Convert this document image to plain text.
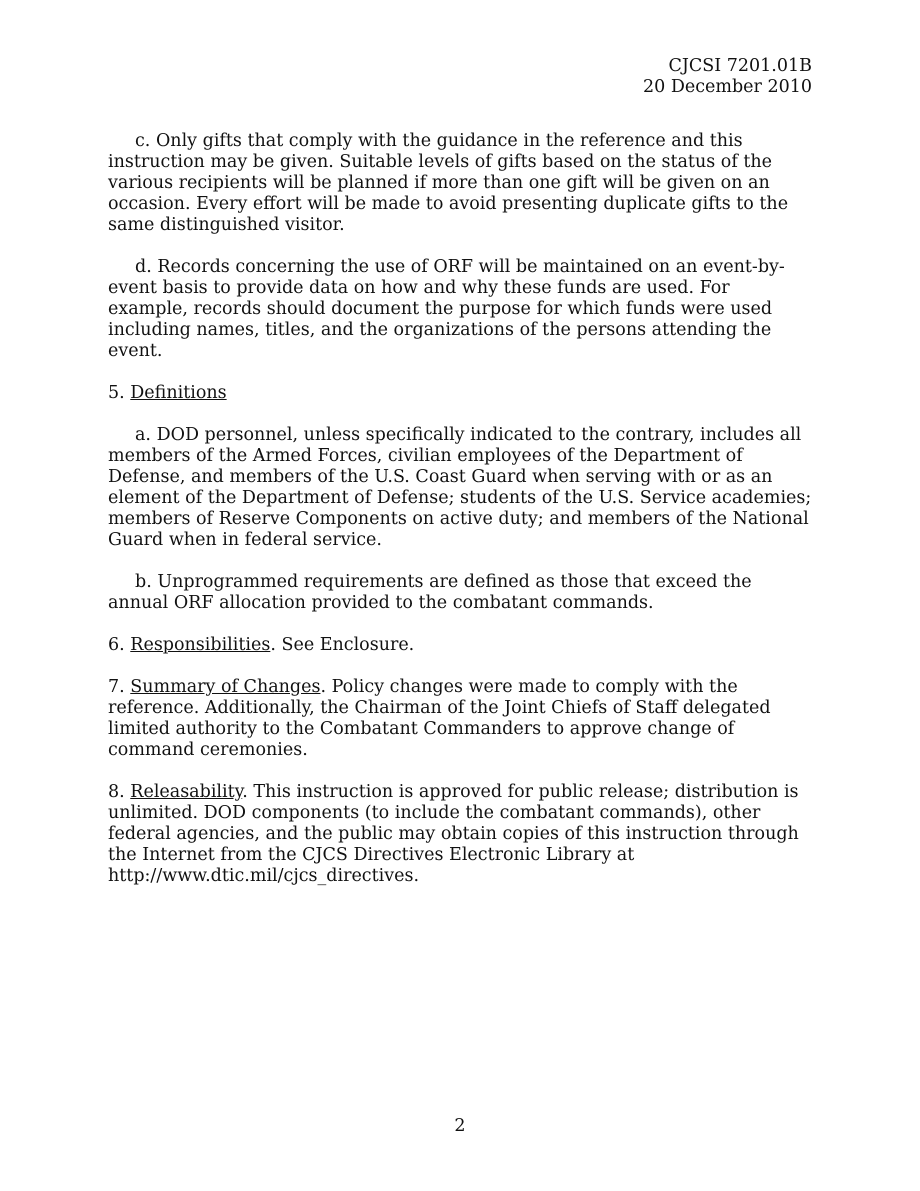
CJCSI 7201.01B
20 December 2010

c. Only gifts that comply with the guidance in the reference and this instruction may be given. Suitable levels of gifts based on the status of the various recipients will be planned if more than one gift will be given on an occasion. Every effort will be made to avoid presenting duplicate gifts to the same distinguished visitor.

d. Records concerning the use of ORF will be maintained on an event-by-event basis to provide data on how and why these funds are used. For example, records should document the purpose for which funds were used including names, titles, and the organizations of the persons attending the event.

5. Definitions

a. DOD personnel, unless specifically indicated to the contrary, includes all members of the Armed Forces, civilian employees of the Department of Defense, and members of the U.S. Coast Guard when serving with or as an element of the Department of Defense; students of the U.S. Service academies; members of Reserve Components on active duty; and members of the National Guard when in federal service.

b. Unprogrammed requirements are defined as those that exceed the annual ORF allocation provided to the combatant commands.

6. Responsibilities. See Enclosure.

7. Summary of Changes. Policy changes were made to comply with the reference. Additionally, the Chairman of the Joint Chiefs of Staff delegated limited authority to the Combatant Commanders to approve change of command ceremonies.

8. Releasability. This instruction is approved for public release; distribution is unlimited. DOD components (to include the combatant commands), other federal agencies, and the public may obtain copies of this instruction through the Internet from the CJCS Directives Electronic Library at http://www.dtic.mil/cjcs_directives.

2
